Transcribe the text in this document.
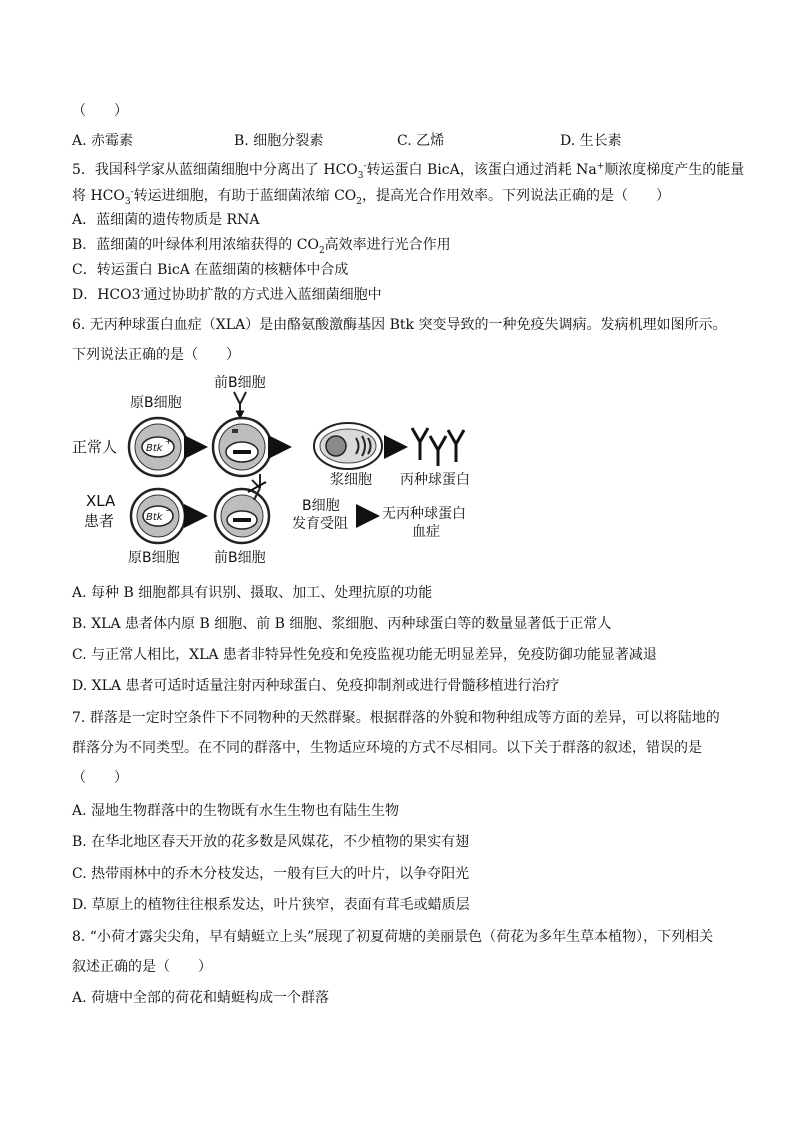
（　　）
A. 赤霉素	B. 细胞分裂素	C. 乙烯	D. 生长素
5．我国科学家从蓝细菌细胞中分离出了 $HCO_3^-$转运蛋白 BicA，该蛋白通过消耗 Na+顺浓度梯度产生的能量
将 $HCO_3^-$转运进细胞，有助于蓝细菌浓缩 $CO_2$，提高光合作用效率。下列说法正确的是（　　）
A．蓝细菌的遗传物质是 RNA
B．蓝细菌的叶绿体利用浓缩获得的 $CO_2$高效率进行光合作用
C．转运蛋白 BicA 在蓝细菌的核糖体中合成
D．HCO3-通过协助扩散的方式进入蓝细菌细胞中
6. 无丙种球蛋白血症（XLA）是由酪氨酸激酶基因 Btk 突变导致的一种免疫失调病。发病机理如图所示。
下列说法正确的是（　　）
正常人
XLA
患者
原B细胞
Btk
+
前B细胞
浆细胞 丙种球蛋白
Btk
−
原B细胞 前B细胞
B细胞
发育受阻
无丙种球蛋白
血症
A. 每种 B 细胞都具有识别、摄取、加工、处理抗原的功能
B. XLA 患者体内原 B 细胞、前 B 细胞、浆细胞、丙种球蛋白等的数量显著低于正常人
C. 与正常人相比，XLA 患者非特异性免疫和免疫监视功能无明显差异，免疫防御功能显著减退
D. XLA 患者可适时适量注射丙种球蛋白、免疫抑制剂或进行骨髓移植进行治疗
7. 群落是一定时空条件下不同物种的天然群聚。根据群落的外貌和物种组成等方面的差异，可以将陆地的
群落分为不同类型。在不同的群落中，生物适应环境的方式不尽相同。以下关于群落的叙述，错误的是
（　　）
A. 湿地生物群落中的生物既有水生生物也有陆生生物
B. 在华北地区春天开放的花多数是风媒花，不少植物的果实有翅
C. 热带雨林中的乔木分枝发达，一般有巨大的叶片，以争夺阳光
D. 草原上的植物往往根系发达，叶片狭窄，表面有茸毛或蜡质层
8. “小荷才露尖尖角，早有蜻蜓立上头”展现了初夏荷塘的美丽景色（荷花为多年生草本植物），下列相关
叙述正确的是（　　）
A. 荷塘中全部的荷花和蜻蜓构成一个群落
